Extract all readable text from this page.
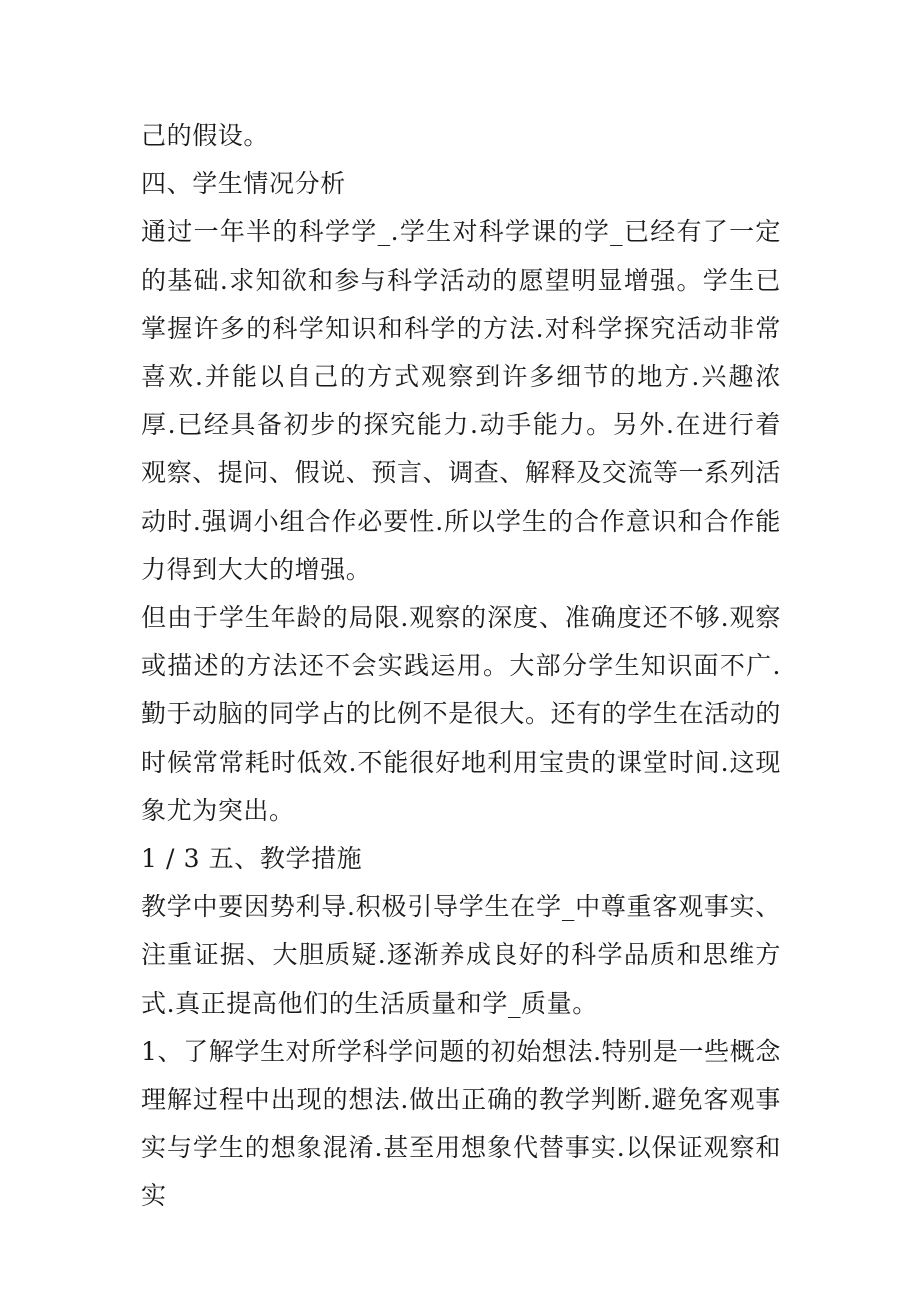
己的假设。

四、学生情况分析

通过一年半的科学学_.学生对科学课的学_已经有了一定的基础.求知欲和参与科学活动的愿望明显增强。学生已掌握许多的科学知识和科学的方法.对科学探究活动非常喜欢.并能以自己的方式观察到许多细节的地方.兴趣浓厚.已经具备初步的探究能力.动手能力。另外.在进行着观察、提问、假说、预言、调查、解释及交流等一系列活动时.强调小组合作必要性.所以学生的合作意识和合作能力得到大大的增强。

但由于学生年龄的局限.观察的深度、准确度还不够.观察或描述的方法还不会实践运用。大部分学生知识面不广.勤于动脑的同学占的比例不是很大。还有的学生在活动的时候常常耗时低效.不能很好地利用宝贵的课堂时间.这现象尤为突出。

1 / 3 五、教学措施

教学中要因势利导.积极引导学生在学_中尊重客观事实、注重证据、大胆质疑.逐渐养成良好的科学品质和思维方式.真正提高他们的生活质量和学_质量。

1、了解学生对所学科学问题的初始想法.特别是一些概念理解过程中出现的想法.做出正确的教学判断.避免客观事实与学生的想象混淆.甚至用想象代替事实.以保证观察和实
